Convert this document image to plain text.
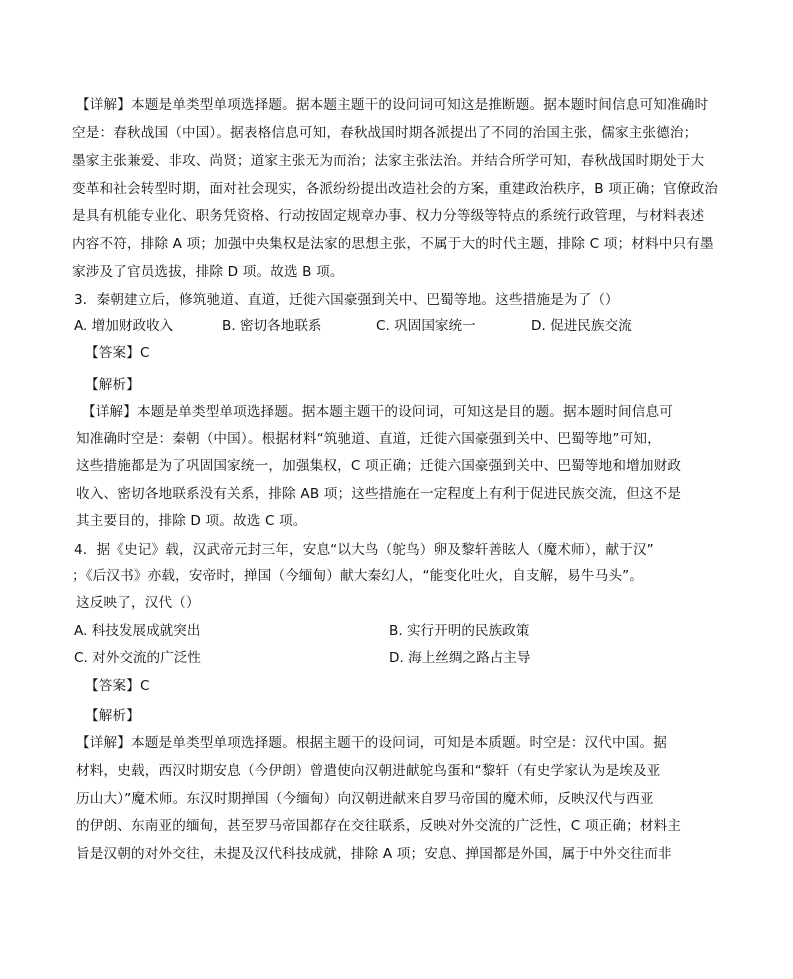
【详解】本题是单类型单项选择题。据本题主题干的设问词可知这是推断题。据本题时间信息可知准确时
空是：春秋战国（中国）。据表格信息可知，春秋战国时期各派提出了不同的治国主张，儒家主张德治；
墨家主张兼爱、非攻、尚贤；道家主张无为而治；法家主张法治。并结合所学可知，春秋战国时期处于大
变革和社会转型时期，面对社会现实，各派纷纷提出改造社会的方案，重建政治秩序，B 项正确；官僚政治
是具有机能专业化、职务凭资格、行动按固定规章办事、权力分等级等特点的系统行政管理，与材料表述
内容不符，排除 A 项；加强中央集权是法家的思想主张，不属于大的时代主题，排除 C 项；材料中只有墨
家涉及了官员选拔，排除 D 项。故选 B 项。
3．秦朝建立后，修筑驰道、直道，迁徙六国豪强到关中、巴蜀等地。这些措施是为了（）
A. 增加财政收入	B. 密切各地联系	C. 巩固国家统一	D. 促进民族交流
【答案】C
【解析】
【详解】本题是单类型单项选择题。据本题主题干的设问词，可知这是目的题。据本题时间信息可
知准确时空是：秦朝（中国）。根据材料“筑驰道、直道，迁徙六国豪强到关中、巴蜀等地”可知，
这些措施都是为了巩固国家统一，加强集权，C 项正确；迁徙六国豪强到关中、巴蜀等地和增加财政
收入、密切各地联系没有关系，排除 AB 项；这些措施在一定程度上有利于促进民族交流，但这不是
其主要目的，排除 D 项。故选 C 项。
4．据《史记》载，汉武帝元封三年，安息“以大鸟（鸵鸟）卵及黎轩善眩人（魔术师），献于汉”
；《后汉书》亦载，安帝时，掸国（今缅甸）献大秦幻人，“能变化吐火，自支解，易牛马头”。
这反映了，汉代（）
A. 科技发展成就突出	B. 实行开明的民族政策
C. 对外交流的广泛性	D. 海上丝绸之路占主导
【答案】C
【解析】
【详解】本题是单类型单项选择题。根据主题干的设问词，可知是本质题。时空是：汉代中国。据
材料，史载，西汉时期安息（今伊朗）曾遣使向汉朝进献鸵鸟蛋和“黎轩（有史学家认为是埃及亚
历山大）”魔术师。东汉时期掸国（今缅甸）向汉朝进献来自罗马帝国的魔术师，反映汉代与西亚
的伊朗、东南亚的缅甸，甚至罗马帝国都存在交往联系，反映对外交流的广泛性，C 项正确；材料主
旨是汉朝的对外交往，未提及汉代科技成就，排除 A 项；安息、掸国都是外国，属于中外交往而非
